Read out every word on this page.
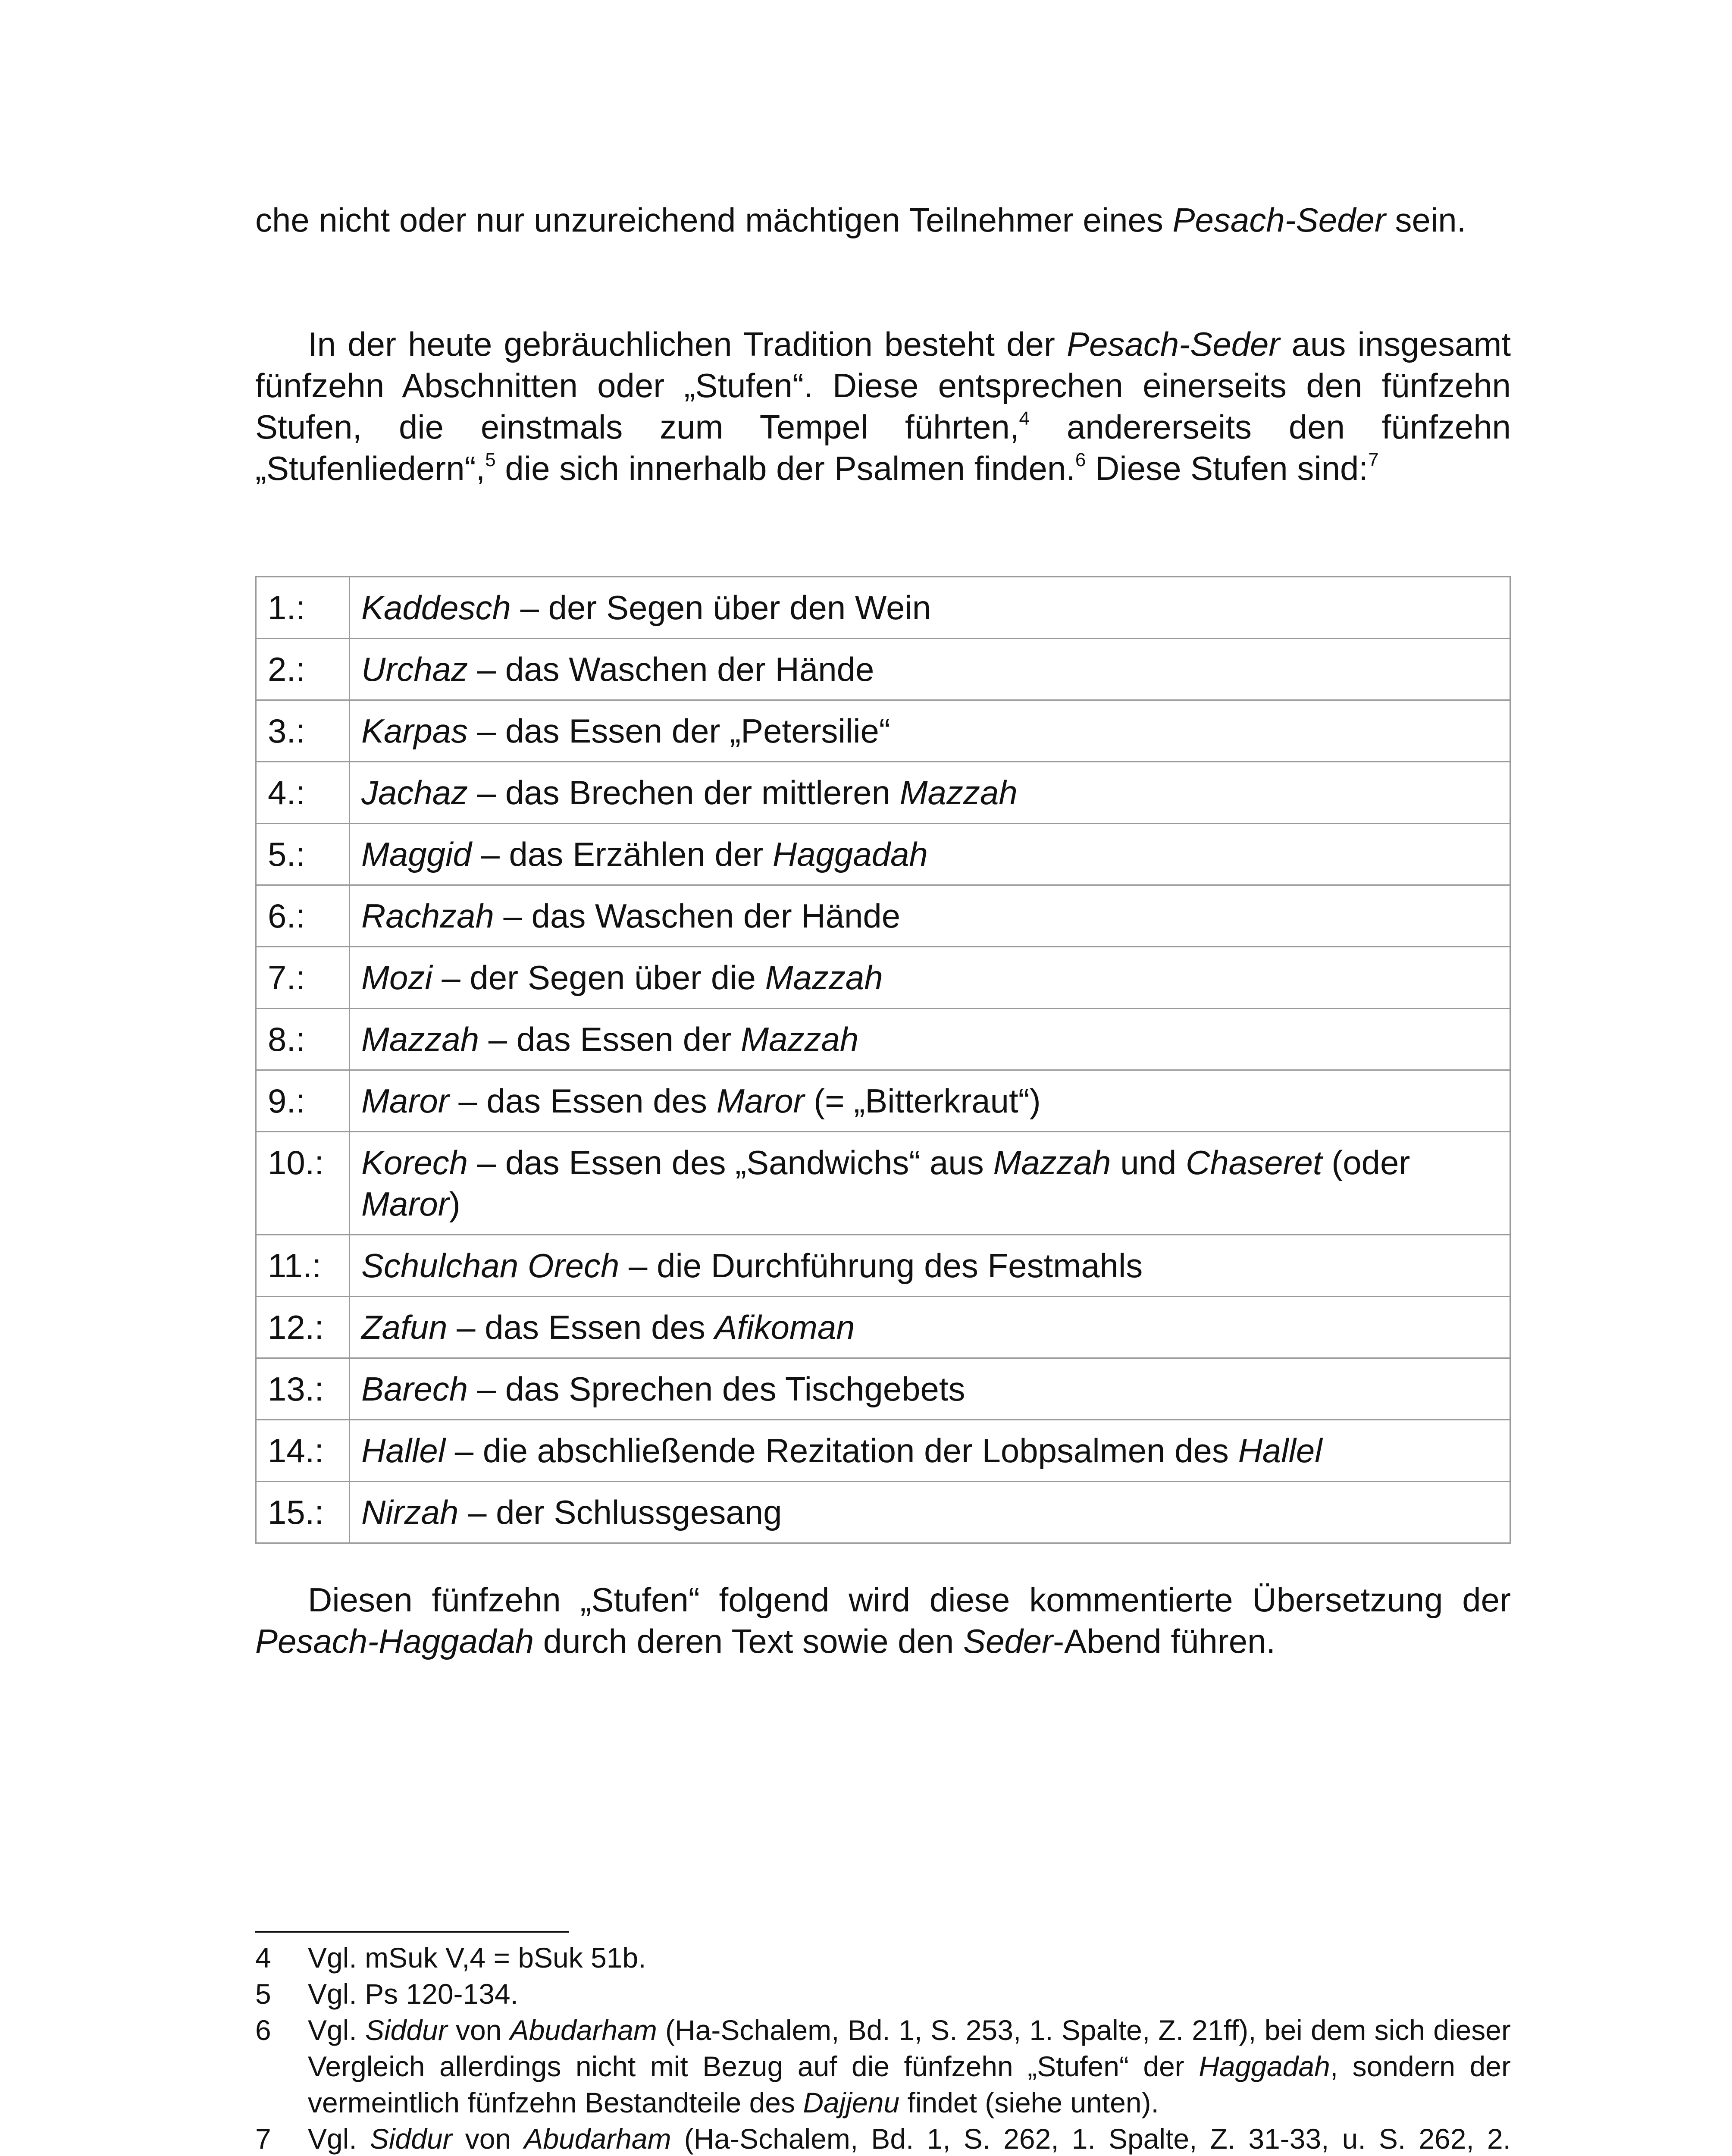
che nicht oder nur unzureichend mächtigen Teilnehmer eines Pesach-Seder sein.

In der heute gebräuchlichen Tradition besteht der Pesach-Seder aus insgesamt fünfzehn Abschnitten oder „Stufen“. Diese entsprechen einerseits den fünfzehn Stufen, die einstmals zum Tempel führten,$^4$ andererseits den fünfzehn „Stufenliedern“,$^5$ die sich innerhalb der Psalmen finden.$^6$ Diese Stufen sind:$^7$

1.:	Kaddesch – der Segen über den Wein
2.:	Urchaz – das Waschen der Hände
3.:	Karpas – das Essen der „Petersilie“
4.:	Jachaz – das Brechen der mittleren Mazzah
5.:	Maggid – das Erzählen der Haggadah
6.:	Rachzah – das Waschen der Hände
7.:	Mozi – der Segen über die Mazzah
8.:	Mazzah – das Essen der Mazzah
9.:	Maror – das Essen des Maror (= „Bitterkraut“)
10.:	Korech – das Essen des „Sandwichs“ aus Mazzah und Chaseret (oder Maror)
11.:	Schulchan Orech – die Durchführung des Festmahls
12.:	Zafun – das Essen des Afikoman
13.:	Barech – das Sprechen des Tischgebets
14.:	Hallel – die abschließende Rezitation der Lobpsalmen des Hallel
15.:	Nirzah – der Schlussgesang

Diesen fünfzehn „Stufen“ folgend wird diese kommentierte Übersetzung der Pesach-Haggadah durch deren Text sowie den Seder-Abend führen.

4 Vgl. mSuk V,4 = bSuk 51b.
5 Vgl. Ps 120-134.
6 Vgl. Siddur von Abudarham (Ha-Schalem, Bd. 1, S. 253, 1. Spalte, Z. 21ff), bei dem sich dieser Vergleich allerdings nicht mit Bezug auf die fünfzehn „Stufen“ der Haggadah, sondern der vermeintlich fünfzehn Bestandteile des Dajjenu findet (siehe unten).
7 Vgl. Siddur von Abudarham (Ha-Schalem, Bd. 1, S. 262, 1. Spalte, Z. 31-33, u. S. 262, 2.
